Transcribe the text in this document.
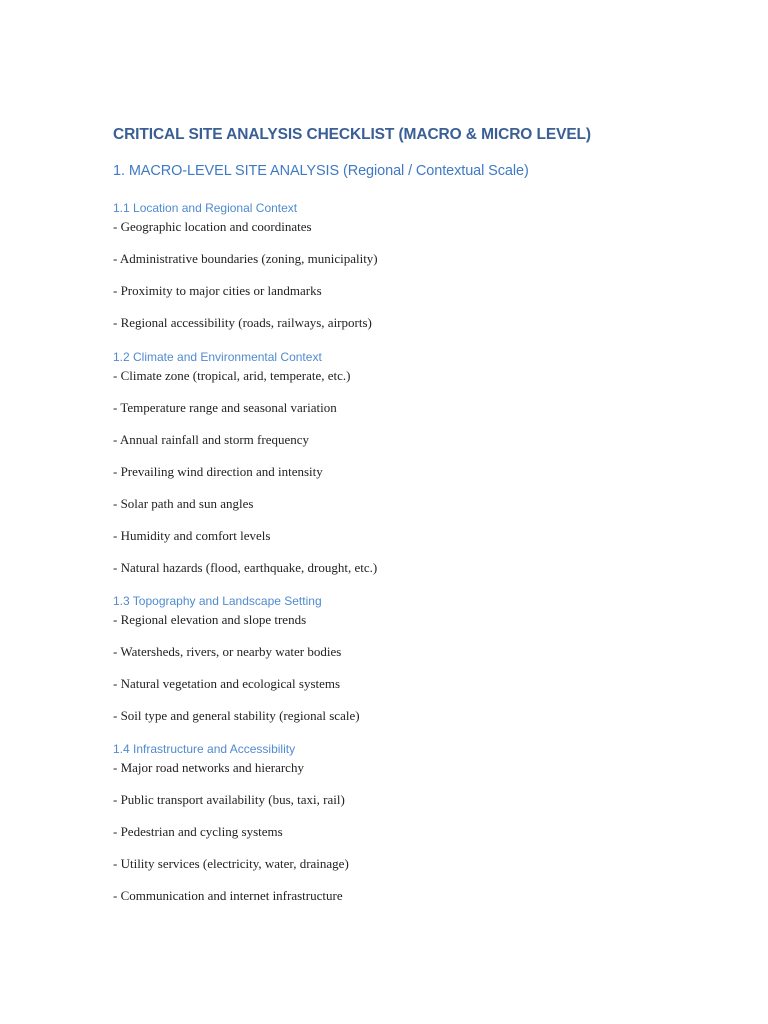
CRITICAL SITE ANALYSIS CHECKLIST (MACRO & MICRO LEVEL)
1. MACRO-LEVEL SITE ANALYSIS (Regional / Contextual Scale)
1.1 Location and Regional Context
- Geographic location and coordinates
- Administrative boundaries (zoning, municipality)
- Proximity to major cities or landmarks
- Regional accessibility (roads, railways, airports)
1.2 Climate and Environmental Context
- Climate zone (tropical, arid, temperate, etc.)
- Temperature range and seasonal variation
- Annual rainfall and storm frequency
- Prevailing wind direction and intensity
- Solar path and sun angles
- Humidity and comfort levels
- Natural hazards (flood, earthquake, drought, etc.)
1.3 Topography and Landscape Setting
- Regional elevation and slope trends
- Watersheds, rivers, or nearby water bodies
- Natural vegetation and ecological systems
- Soil type and general stability (regional scale)
1.4 Infrastructure and Accessibility
- Major road networks and hierarchy
- Public transport availability (bus, taxi, rail)
- Pedestrian and cycling systems
- Utility services (electricity, water, drainage)
- Communication and internet infrastructure
